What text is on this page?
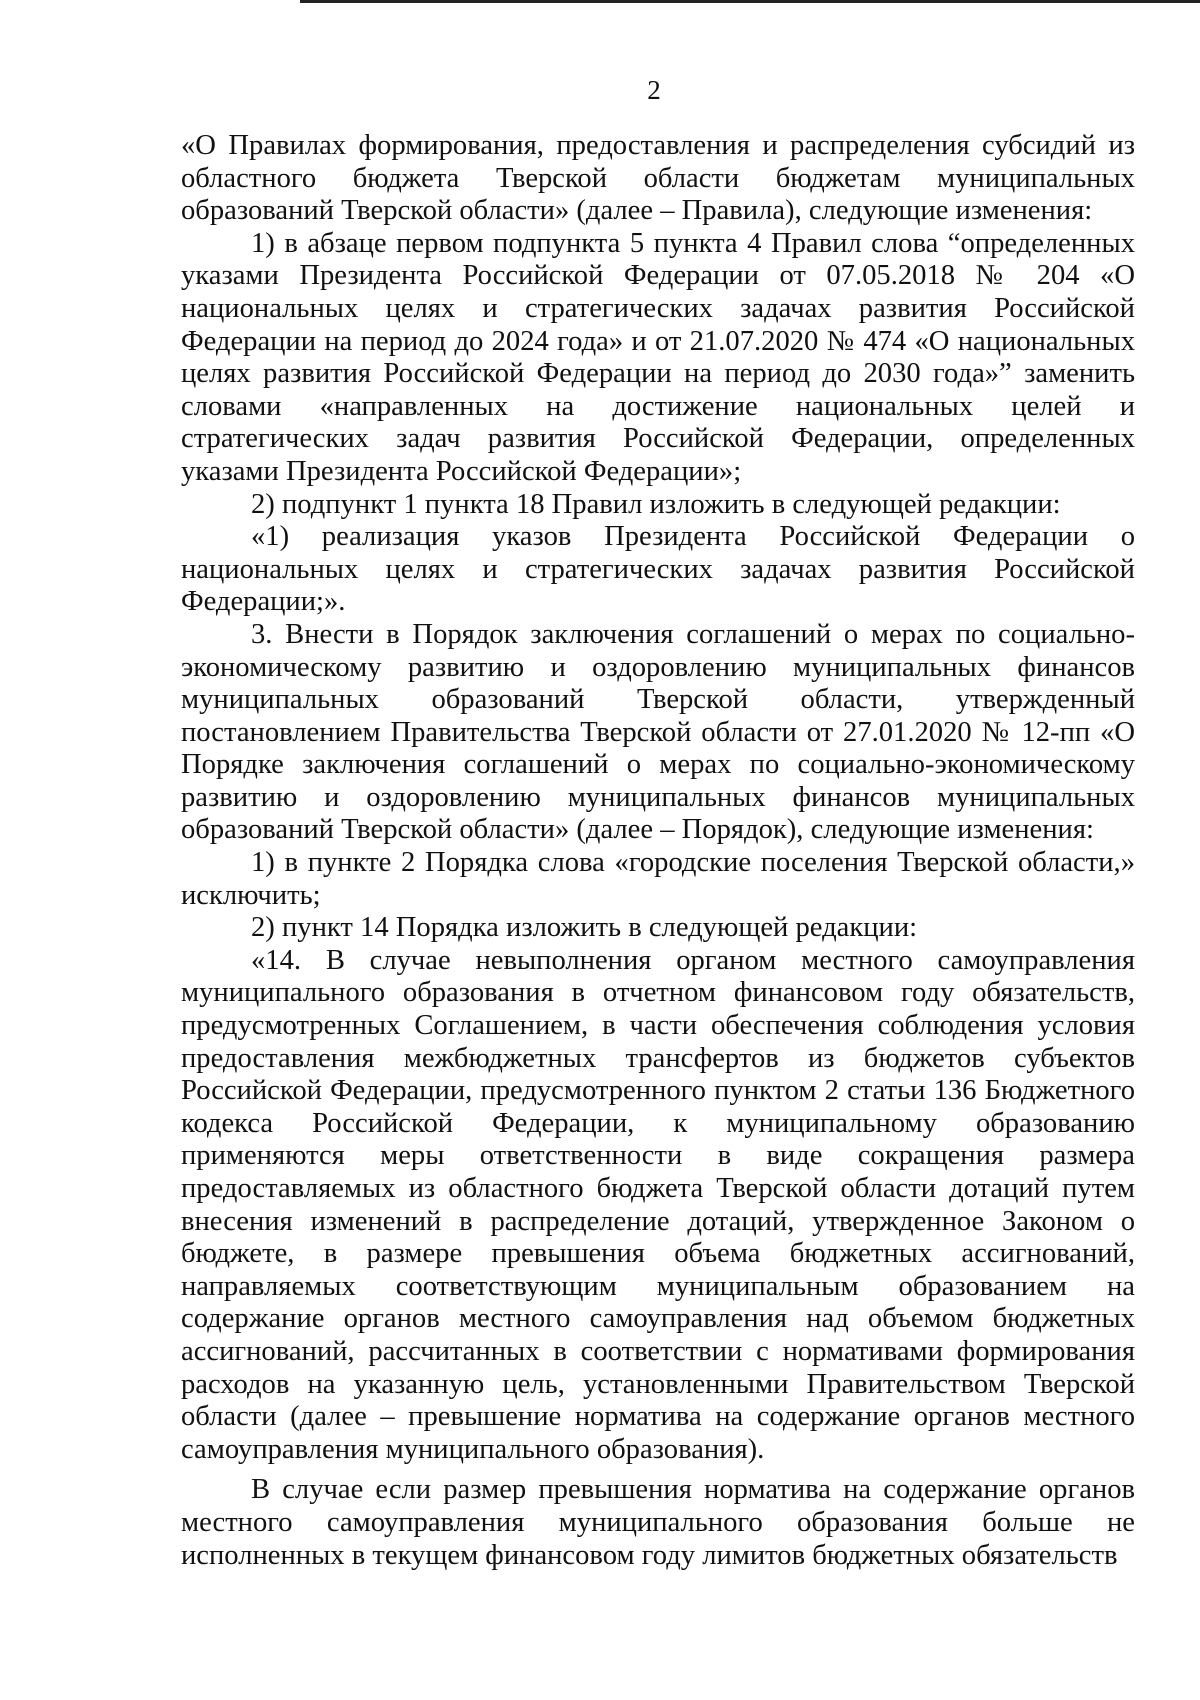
2

«О Правилах формирования, предоставления и распределения субсидий из областного бюджета Тверской области бюджетам муниципальных образований Тверской области» (далее – Правила), следующие изменения:

1) в абзаце первом подпункта 5 пункта 4 Правил слова “определенных указами Президента Российской Федерации от 07.05.2018 № 204 «О национальных целях и стратегических задачах развития Российской Федерации на период до 2024 года» и от 21.07.2020 № 474 «О национальных целях развития Российской Федерации на период до 2030 года»” заменить словами «направленных на достижение национальных целей и стратегических задач развития Российской Федерации, определенных указами Президента Российской Федерации»;

2) подпункт 1 пункта 18 Правил изложить в следующей редакции:

«1) реализация указов Президента Российской Федерации о национальных целях и стратегических задачах развития Российской Федерации;».

3. Внести в Порядок заключения соглашений о мерах по социально-экономическому развитию и оздоровлению муниципальных финансов муниципальных образований Тверской области, утвержденный постановлением Правительства Тверской области от 27.01.2020 № 12-пп «О Порядке заключения соглашений о мерах по социально-экономическому развитию и оздоровлению муниципальных финансов муниципальных образований Тверской области» (далее – Порядок), следующие изменения:

1) в пункте 2 Порядка слова «городские поселения Тверской области,» исключить;

2) пункт 14 Порядка изложить в следующей редакции:

«14. В случае невыполнения органом местного самоуправления муниципального образования в отчетном финансовом году обязательств, предусмотренных Соглашением, в части обеспечения соблюдения условия предоставления межбюджетных трансфертов из бюджетов субъектов Российской Федерации, предусмотренного пунктом 2 статьи 136 Бюджетного кодекса Российской Федерации, к муниципальному образованию применяются меры ответственности в виде сокращения размера предоставляемых из областного бюджета Тверской области дотаций путем внесения изменений в распределение дотаций, утвержденное Законом о бюджете, в размере превышения объема бюджетных ассигнований, направляемых соответствующим муниципальным образованием на содержание органов местного самоуправления над объемом бюджетных ассигнований, рассчитанных в соответствии с нормативами формирования расходов на указанную цель, установленными Правительством Тверской области (далее – превышение норматива на содержание органов местного самоуправления муниципального образования).

В случае если размер превышения норматива на содержание органов местного самоуправления муниципального образования больше не исполненных в текущем финансовом году лимитов бюджетных обязательств
